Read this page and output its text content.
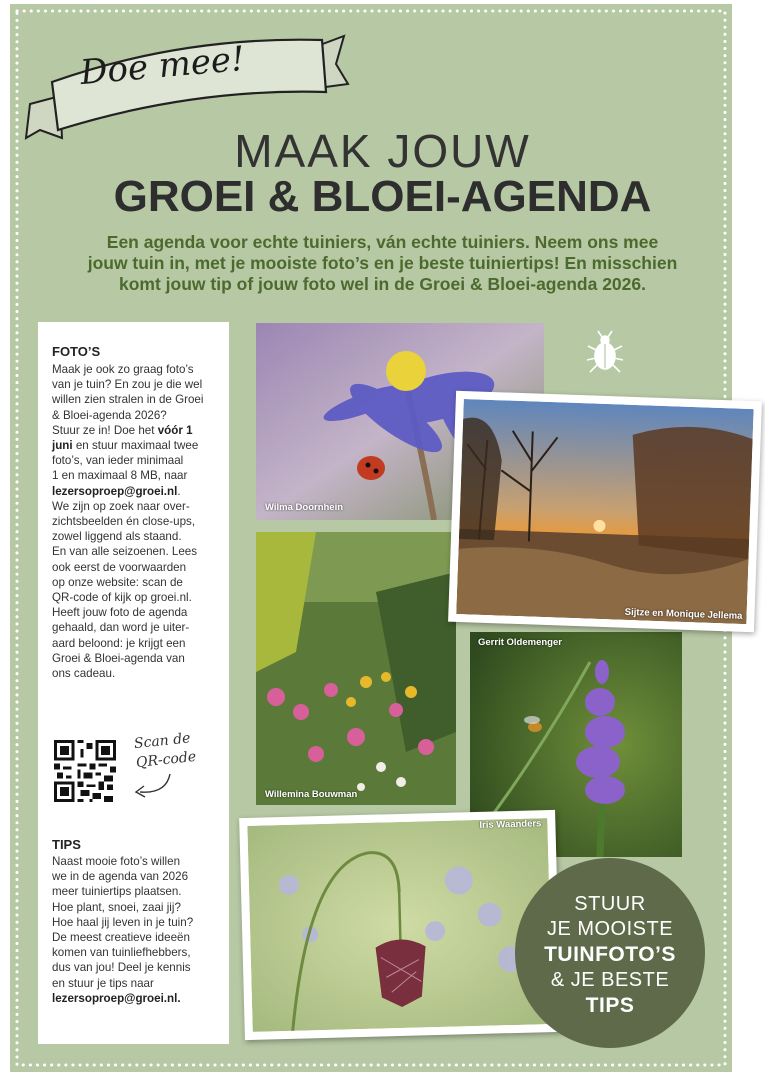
Doe mee!
MAAK JOUW
GROEI & BLOEI-AGENDA

Een agenda voor echte tuiniers, ván echte tuiniers. Neem ons mee

jouw tuin in, met je mooiste foto’s en je beste tuiniertips! En misschien

komt jouw tip of jouw foto wel in de Groei & Bloei-agenda 2026.

FOTO’S
Maak je ook zo graag foto’s
van je tuin? En zou je die wel
willen zien stralen in de Groei
& Bloei-agenda 2026?
Stuur ze in! Doe het vóór 1
juni en stuur maximaal twee
foto’s, van ieder minimaal
1 en maximaal 8 MB, naar
lezersoproep@groei.nl.
We zijn op zoek naar over-
zichtsbeelden én close-ups,
zowel liggend als staand.
En van alle seizoenen. Lees
ook eerst de voorwaarden
op onze website: scan de
QR-code of kijk op groei.nl.
Heeft jouw foto de agenda
gehaald, dan word je uiter-
aard beloond: je krijgt een
Groei & Bloei-agenda van
ons cadeau.
Scan de
QR-code
TIPS
Naast mooie foto’s willen
we in de agenda van 2026
meer tuiniertips plaatsen.
Hoe plant, snoei, zaai jij?
Hoe haal jij leven in je tuin?
De meest creatieve ideeën
komen van tuinliefhebbers,
dus van jou! Deel je kennis
en stuur je tips naar
lezersoproep@groei.nl.
Wilma Doornhein
Willemina Bouwman
Gerrit Oldemenger
Sijtze en Monique Jellema
Iris Waanders
STUUR
JE MOOISTE
TUINFOTO’S
& JE BESTE
TIPS
